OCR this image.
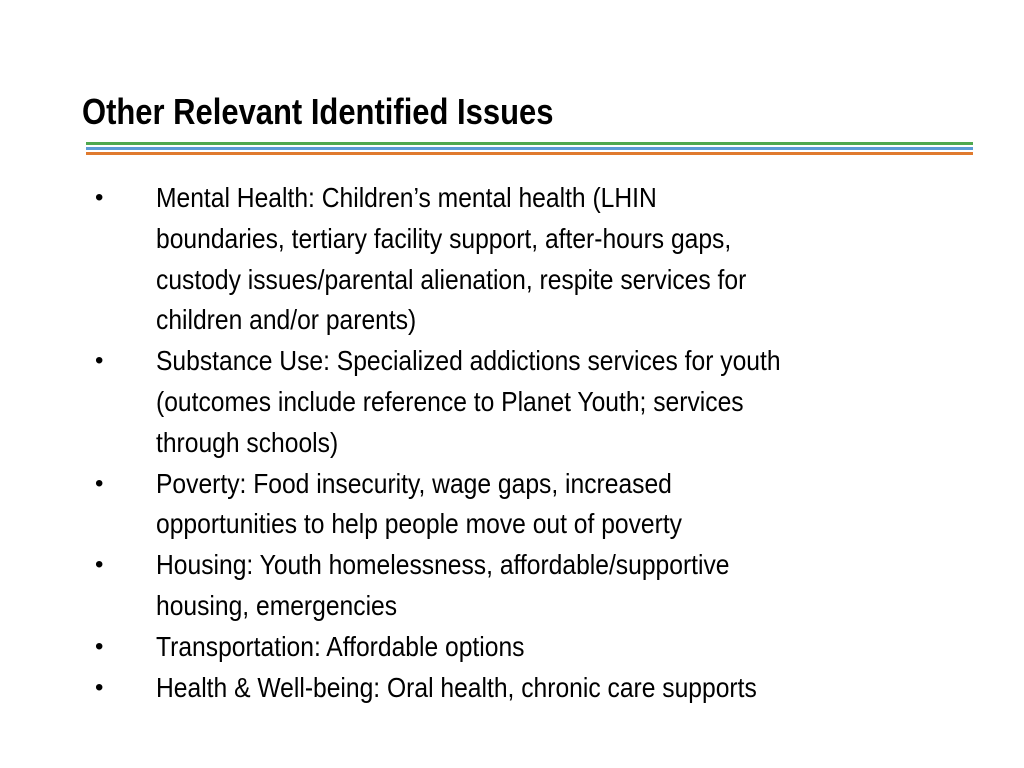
Other Relevant Identified Issues
• Mental Health: Children’s mental health (LHIN
boundaries, tertiary facility support, after-hours gaps,
custody issues/parental alienation, respite services for
children and/or parents)
• Substance Use: Specialized addictions services for youth
(outcomes include reference to Planet Youth; services
through schools)
• Poverty: Food insecurity, wage gaps, increased
opportunities to help people move out of poverty
• Housing: Youth homelessness, affordable/supportive
housing, emergencies
• Transportation: Affordable options
• Health & Well-being: Oral health, chronic care supports
